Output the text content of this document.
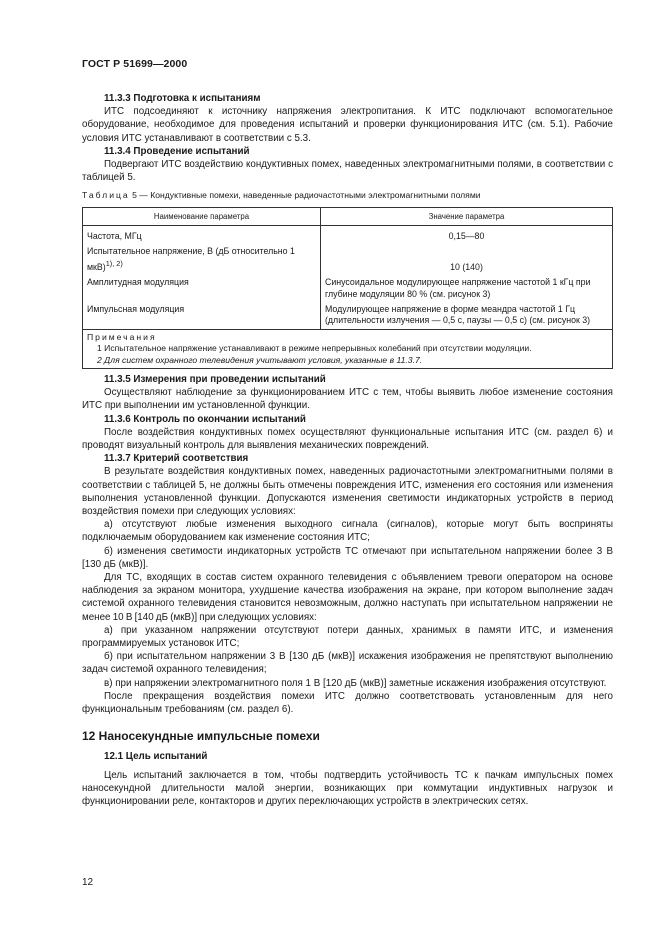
ГОСТ Р 51699—2000

11.3.3 Подготовка к испытаниям

ИТС подсоединяют к источнику напряжения электропитания. К ИТС подключают вспомогательное оборудование, необходимое для проведения испытаний и проверки функционирования ИТС (см. 5.1). Рабочие условия ИТС устанавливают в соответствии с 5.3.

11.3.4 Проведение испытаний

Подвергают ИТС воздействию кондуктивных помех, наведенных электромагнитными полями, в соответствии с таблицей 5.

Таблица 5 — Кондуктивные помехи, наведенные радиочастотными электромагнитными полями

Наименование параметра	Значение параметра
Частота, МГц	0,15—80
Испытательное напряжение, В (дБ относительно 1 мкВ)$^{1), 2)}$	10 (140)
Амплитудная модуляция	Синусоидальное модулирующее напряжение частотой 1 кГц при глубине модуляции 80 % (см. рисунок 3)
Импульсная модуляция	Модулирующее напряжение в форме меандра частотой 1 Гц (длительности излучения — 0,5 с, паузы — 0,5 с) (см. рисунок 3)

Примечания
1 Испытательное напряжение устанавливают в режиме непрерывных колебаний при отсутствии модуляции.
2 Для систем охранного телевидения учитывают условия, указанные в 11.3.7.	

11.3.5 Измерения при проведении испытаний

Осуществляют наблюдение за функционированием ИТС с тем, чтобы выявить любое изменение состояния ИТС при выполнении им установленной функции.

11.3.6 Контроль по окончании испытаний

После воздействия кондуктивных помех осуществляют функциональные испытания ИТС (см. раздел 6) и проводят визуальный контроль для выявления механических повреждений.

11.3.7 Критерий соответствия

В результате воздействия кондуктивных помех, наведенных радиочастотными электромагнитными полями в соответствии с таблицей 5, не должны быть отмечены повреждения ИТС, изменения его состояния или изменения выполнения установленной функции. Допускаются изменения светимости индикаторных устройств в период воздействия помехи при следующих условиях:

а) отсутствуют любые изменения выходного сигнала (сигналов), которые могут быть восприняты подключаемым оборудованием как изменение состояния ИТС;

б) изменения светимости индикаторных устройств ТС отмечают при испытательном напряжении более 3 В [130 дБ (мкВ)].

Для ТС, входящих в состав систем охранного телевидения с объявлением тревоги оператором на основе наблюдения за экраном монитора, ухудшение качества изображения на экране, при котором выполнение задач системой охранного телевидения становится невозможным, должно наступать при испытательном напряжении не менее 10 В [140 дБ (мкВ)] при следующих условиях:

а) при указанном напряжении отсутствуют потери данных, хранимых в памяти ИТС, и изменения программируемых установок ИТС;

б) при испытательном напряжении 3 В [130 дБ (мкВ)] искажения изображения не препятствуют выполнению задач системой охранного телевидения;

в) при напряжении электромагнитного поля 1 В [120 дБ (мкВ)] заметные искажения изображения отсутствуют.

После прекращения воздействия помехи ИТС должно соответствовать установленным для него функциональным требованиям (см. раздел 6).

12 Наносекундные импульсные помехи

12.1 Цель испытаний

Цель испытаний заключается в том, чтобы подтвердить устойчивость ТС к пачкам импульсных помех наносекундной длительности малой энергии, возникающих при коммутации индуктивных нагрузок и функционировании реле, контакторов и других переключающих устройств в электрических сетях.

12
